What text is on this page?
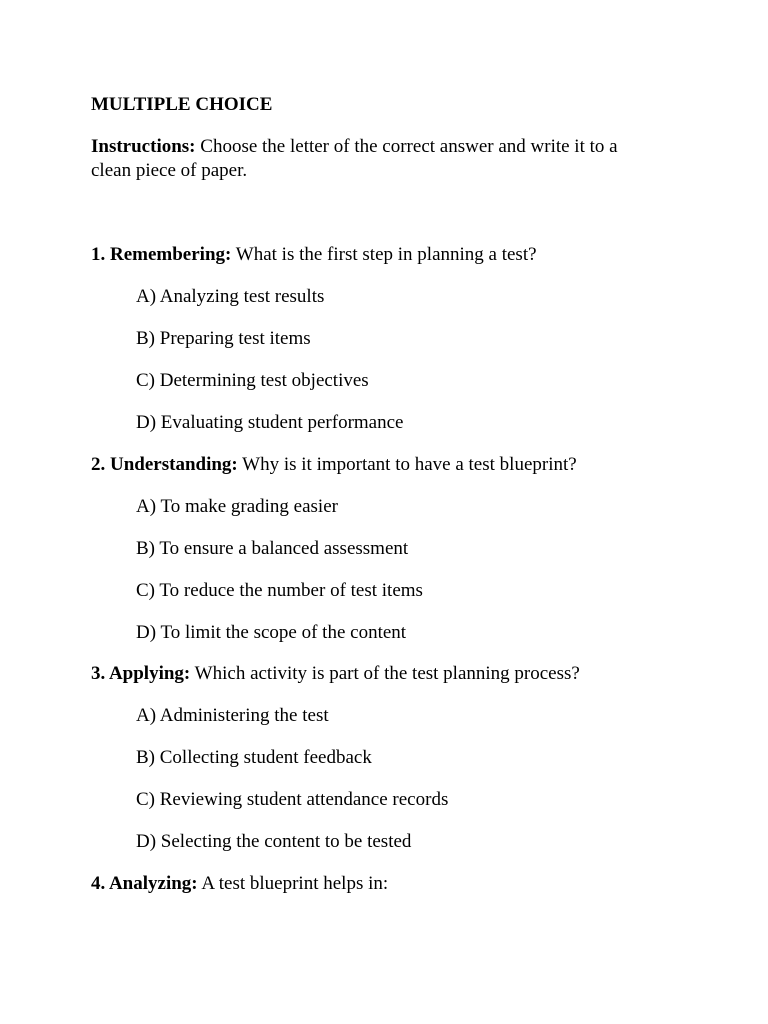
MULTIPLE CHOICE
Instructions: Choose the letter of the correct answer and write it to a
clean piece of paper.
1. Remembering: What is the first step in planning a test?
A) Analyzing test results
B) Preparing test items
C) Determining test objectives
D) Evaluating student performance
2. Understanding: Why is it important to have a test blueprint?
A) To make grading easier
B) To ensure a balanced assessment
C) To reduce the number of test items
D) To limit the scope of the content
3. Applying: Which activity is part of the test planning process?
A) Administering the test
B) Collecting student feedback
C) Reviewing student attendance records
D) Selecting the content to be tested
4. Analyzing: A test blueprint helps in:
